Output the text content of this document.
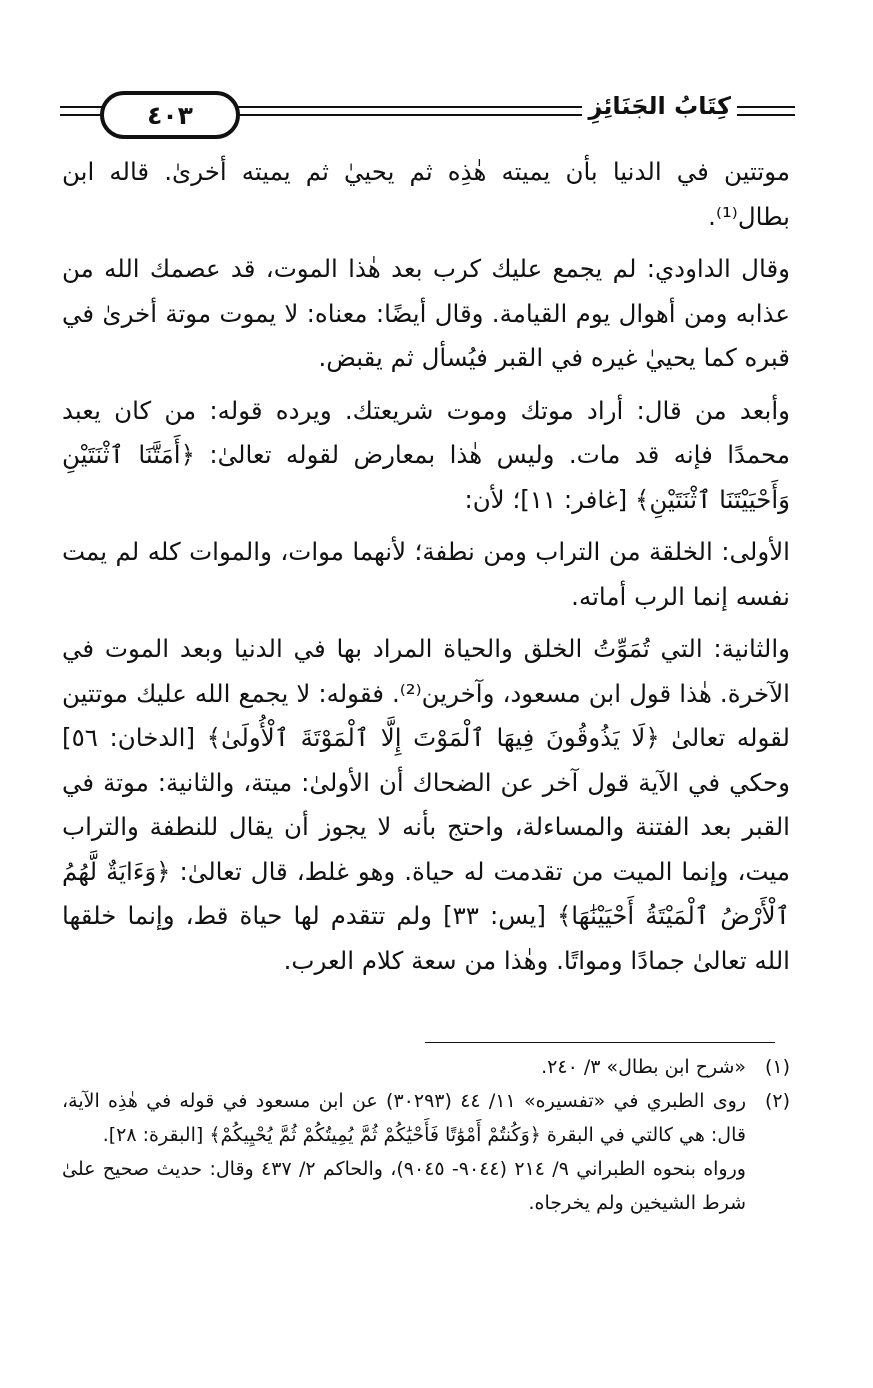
٤٠٣	كِتَابُ الجَنَائِزِ

موتتين في الدنيا بأن يميته هٰذِه ثم يحييٰ ثم يميته أخرىٰ. قاله ابن بطال⁽¹⁾.

وقال الداودي: لم يجمع عليك كرب بعد هٰذا الموت، قد عصمك الله من عذابه ومن أهوال يوم القيامة. وقال أيضًا: معناه: لا يموت موتة أخرىٰ في قبره كما يحييٰ غيره في القبر فيُسأل ثم يقبض.

وأبعد من قال: أراد موتك وموت شريعتك. ويرده قوله: من كان يعبد محمدًا فإنه قد مات. وليس هٰذا بمعارض لقوله تعالىٰ: ﴿أَمَتَّنَا ٱثْنَتَيْنِ وَأَحْيَيْتَنَا ٱثْنَتَيْنِ﴾ [غافر: ١١]؛ لأن:

الأولى: الخلقة من التراب ومن نطفة؛ لأنهما موات، والموات كله لم يمت نفسه إنما الرب أماته.

والثانية: التي تُمَوِّتُ الخلق والحياة المراد بها في الدنيا وبعد الموت في الآخرة. هٰذا قول ابن مسعود، وآخرين⁽²⁾. فقوله: لا يجمع الله عليك موتتين لقوله تعالىٰ ﴿لَا يَذُوقُونَ فِيهَا ٱلْمَوْتَ إِلَّا ٱلْمَوْتَةَ ٱلْأُولَىٰ﴾ [الدخان: ٥٦] وحكي في الآية قول آخر عن الضحاك أن الأولىٰ: ميتة، والثانية: موتة في القبر بعد الفتنة والمساءلة، واحتج بأنه لا يجوز أن يقال للنطفة والتراب ميت، وإنما الميت من تقدمت له حياة. وهو غلط، قال تعالىٰ: ﴿وَءَايَةٌ لَّهُمُ ٱلْأَرْضُ ٱلْمَيْتَةُ أَحْيَيْنَٰهَا﴾ [يس: ٣٣] ولم تتقدم لها حياة قط، وإنما خلقها الله تعالىٰ جمادًا ومواتًا. وهٰذا من سعة كلام العرب.

(١)
«شرح ابن بطال» ٣/ ٢٤٠.
(٢)
روى الطبري في «تفسيره» ١١/ ٤٤ (٣٠٢٩٣) عن ابن مسعود في قوله في هٰذِه الآية، قال: هي كالتي في البقرة ﴿وَكُنتُمْ أَمْوَٰتًا فَأَحْيَٰكُمْ ثُمَّ يُمِيتُكُمْ ثُمَّ يُحْيِيكُمْ﴾ [البقرة: ٢٨].
ورواه بنحوه الطبراني ٩/ ٢١٤ (٩٠٤٤- ٩٠٤٥)، والحاكم ٢/ ٤٣٧ وقال: حديث صحيح علىٰ شرط الشيخين ولم يخرجاه.
